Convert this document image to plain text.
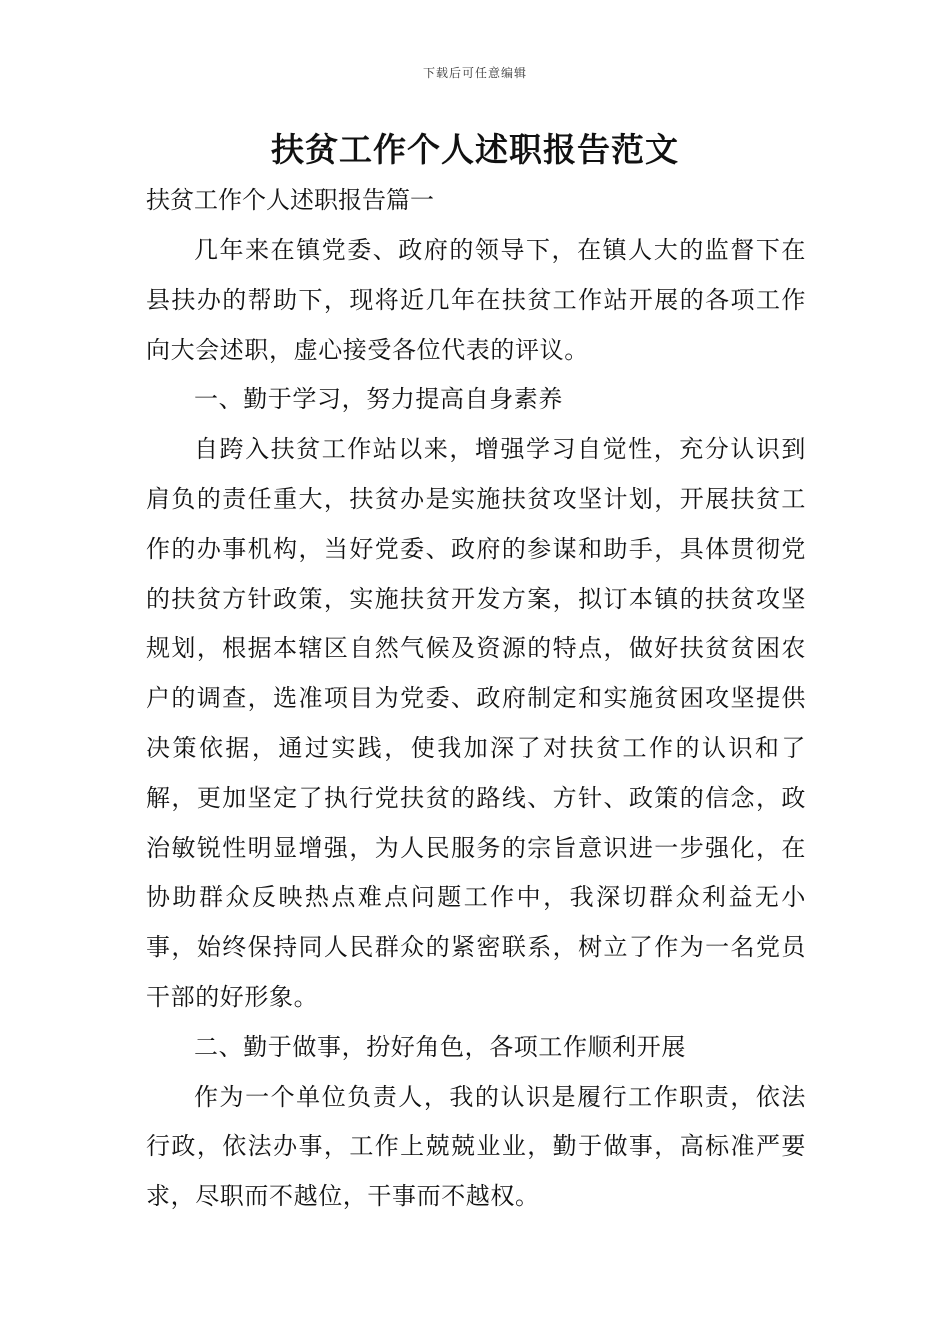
下载后可任意编辑
扶贫工作个人述职报告范文

扶贫工作个人述职报告篇一

几年来在镇党委、政府的领导下，在镇人大的监督下在县扶办的帮助下，现将近几年在扶贫工作站开展的各项工作向大会述职，虚心接受各位代表的评议。

一、勤于学习，努力提高自身素养

自跨入扶贫工作站以来，增强学习自觉性，充分认识到肩负的责任重大，扶贫办是实施扶贫攻坚计划，开展扶贫工作的办事机构，当好党委、政府的参谋和助手，具体贯彻党的扶贫方针政策，实施扶贫开发方案，拟订本镇的扶贫攻坚规划，根据本辖区自然气候及资源的特点，做好扶贫贫困农户的调查，选准项目为党委、政府制定和实施贫困攻坚提供决策依据，通过实践，使我加深了对扶贫工作的认识和了解，更加坚定了执行党扶贫的路线、方针、政策的信念，政治敏锐性明显增强，为人民服务的宗旨意识进一步强化，在协助群众反映热点难点问题工作中，我深切群众利益无小事，始终保持同人民群众的紧密联系，树立了作为一名党员干部的好形象。

二、勤于做事，扮好角色，各项工作顺利开展

作为一个单位负责人，我的认识是履行工作职责，依法行政，依法办事，工作上兢兢业业，勤于做事，高标准严要求，尽职而不越位，干事而不越权。
